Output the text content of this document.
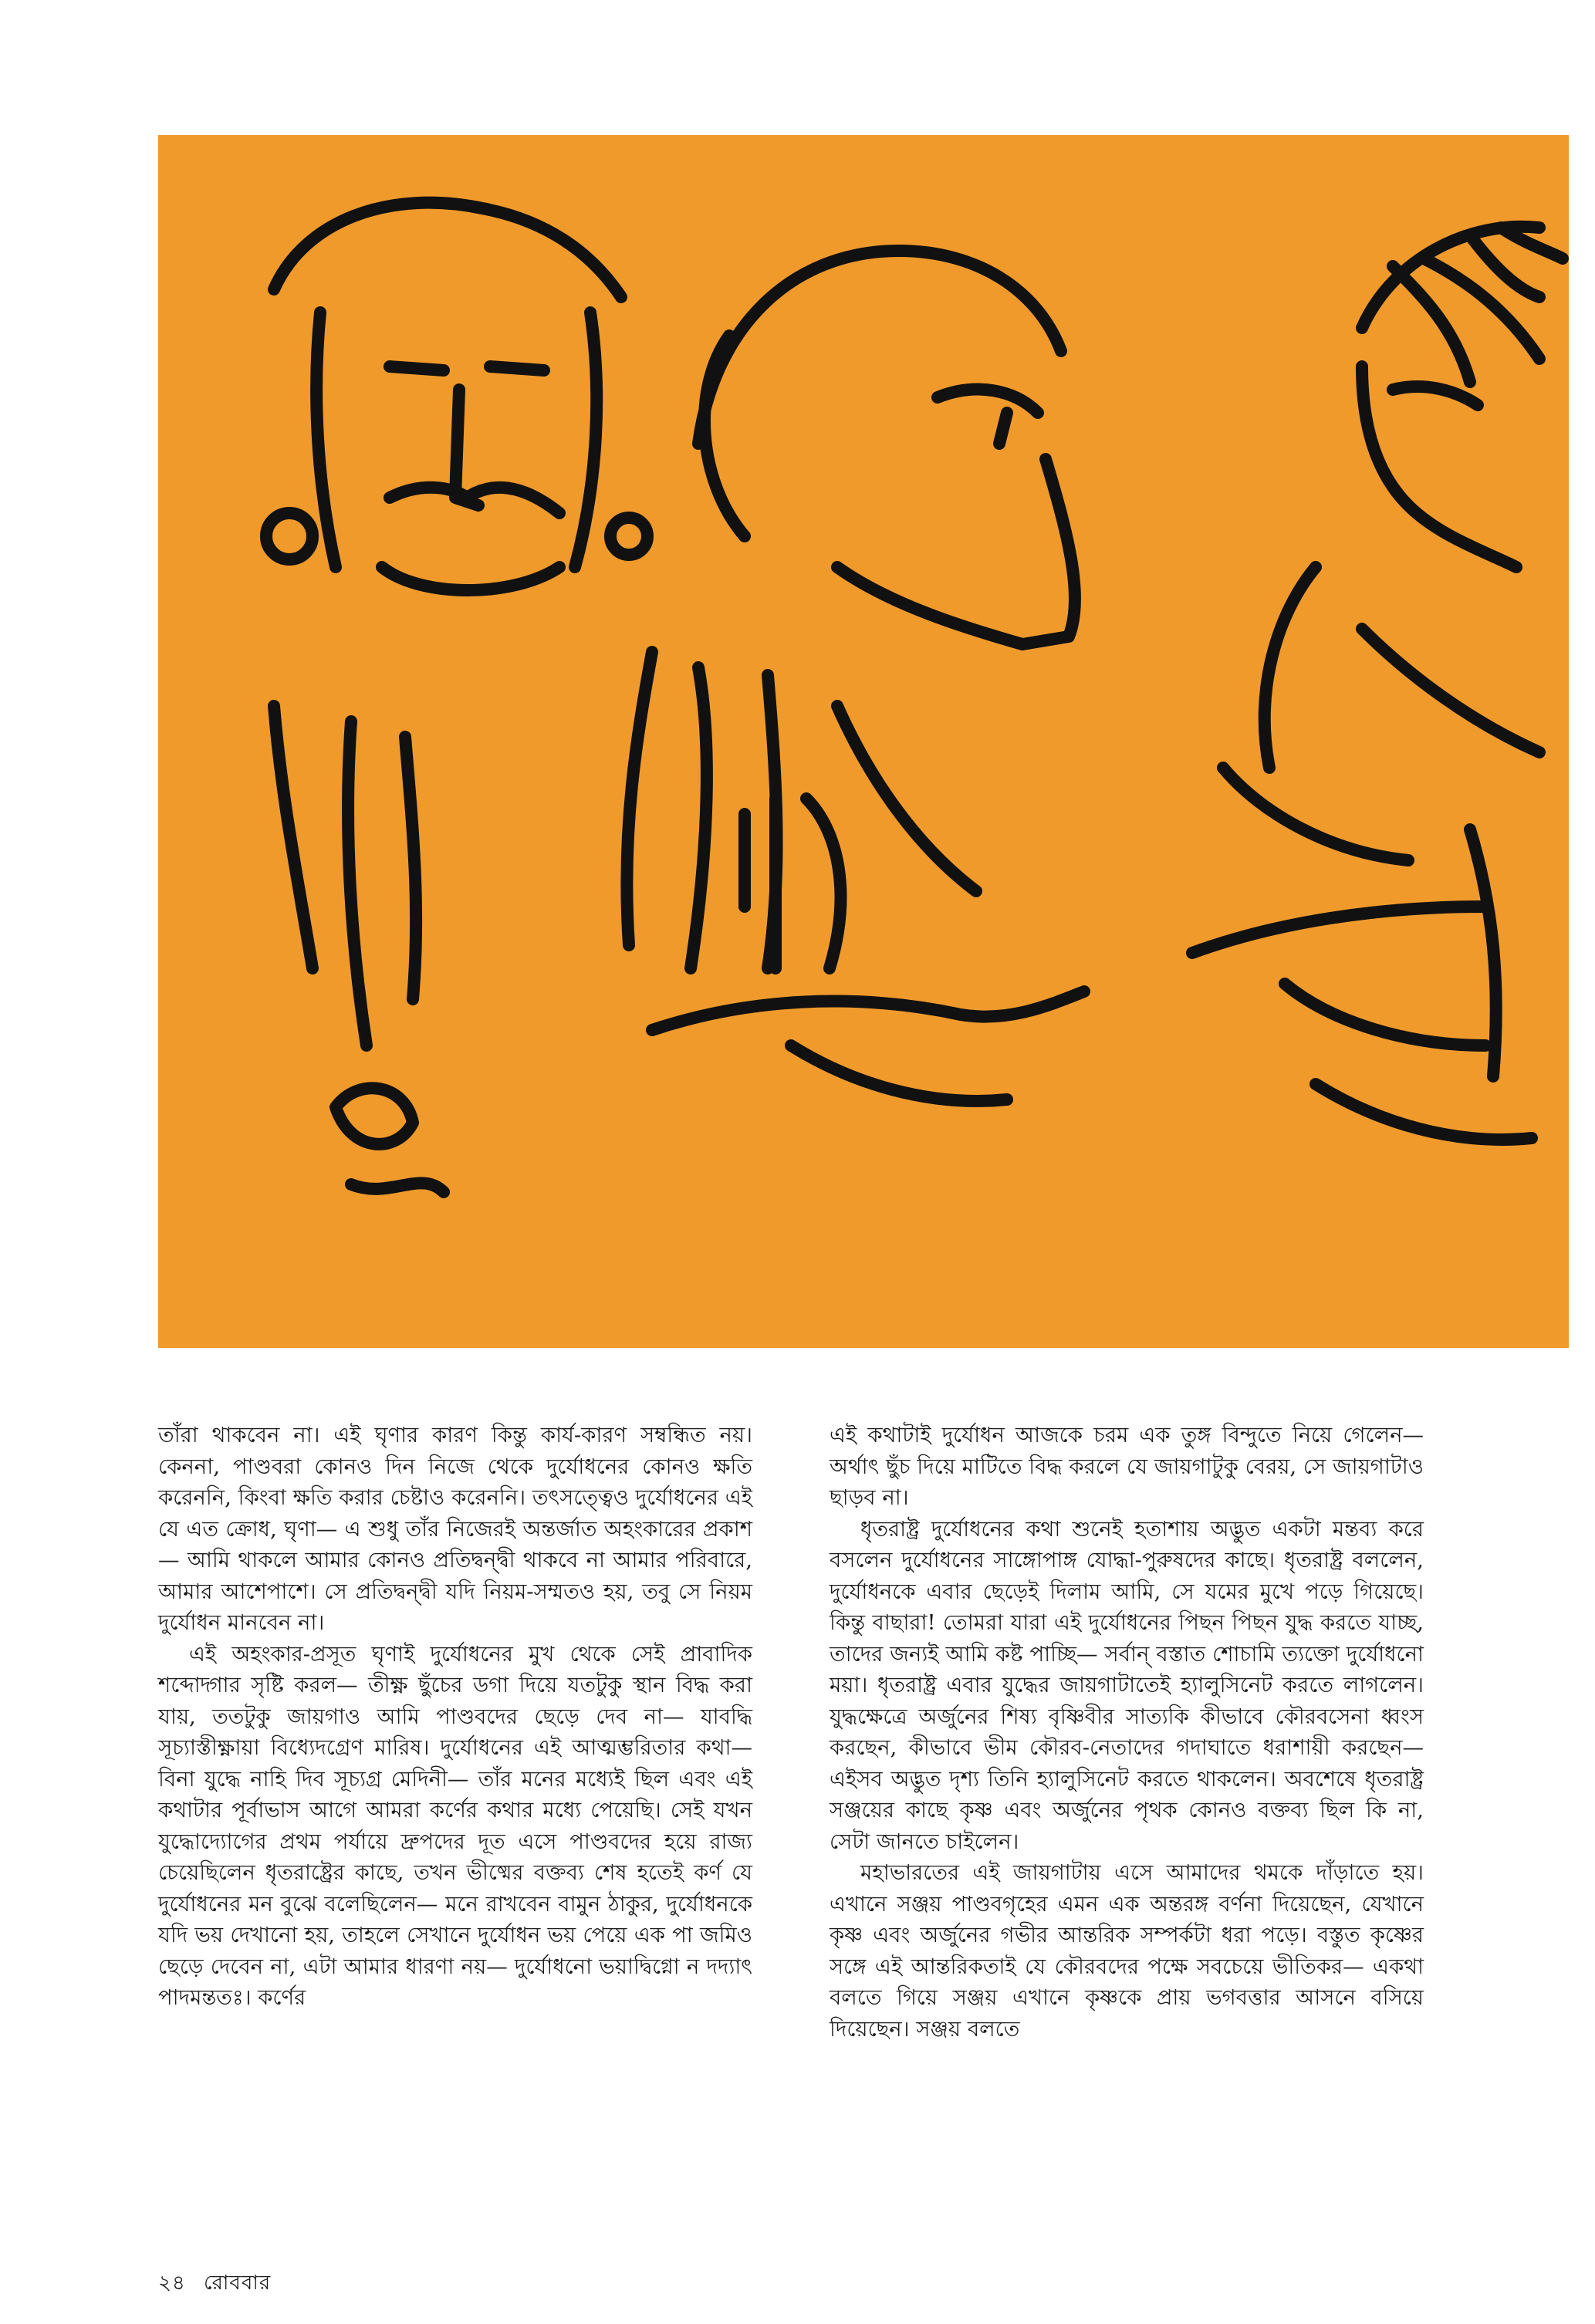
তাঁরা থাকবেন না। এই ঘৃণার কারণ কিন্তু কার্য-কারণ সম্বন্ধিত নয়। কেননা, পাণ্ডবরা কোনও দিন নিজে থেকে দুর্যোধনের কোনও ক্ষতি করেননি, কিংবা ক্ষতি করার চেষ্টাও করেননি। তৎসত্ত্বেও দুর্যোধনের এই যে এত ক্রোধ, ঘৃণা— এ শুধু তাঁর নিজেরই অন্তর্জাত অহংকারের প্রকাশ— আমি থাকলে আমার কোনও প্রতিদ্বন্দ্বী থাকবে না আমার পরিবারে, আমার আশেপাশে। সে প্রতিদ্বন্দ্বী যদি নিয়ম-সম্মতও হয়, তবু সে নিয়ম দুর্যোধন মানবেন না।

এই অহংকার-প্রসূত ঘৃণাই দুর্যোধনের মুখ থেকে সেই প্রাবাদিক শব্দোদ্গার সৃষ্টি করল— তীক্ষ্ণ ছুঁচের ডগা দিয়ে যতটুকু স্থান বিদ্ধ করা যায়, ততটুকু জায়গাও আমি পাণ্ডবদের ছেড়ে দেব না— যাবদ্ধি সূচ্যাস্তীক্ষ্ণায়া বিধ্যেদগ্রেণ মারিষ। দুর্যোধনের এই আত্মম্ভরিতার কথা— বিনা যুদ্ধে নাহি দিব সূচ্যগ্র মেদিনী— তাঁর মনের মধ্যেই ছিল এবং এই কথাটার পূর্বাভাস আগে আমরা কর্ণের কথার মধ্যে পেয়েছি। সেই যখন যুদ্ধোদ্যোগের প্রথম পর্যায়ে দ্রুপদের দূত এসে পাণ্ডবদের হয়ে রাজ্য চেয়েছিলেন ধৃতরাষ্ট্রের কাছে, তখন ভীষ্মের বক্তব্য শেষ হতেই কর্ণ যে দুর্যোধনের মন বুঝে বলেছিলেন— মনে রাখবেন বামুন ঠাকুর, দুর্যোধনকে যদি ভয় দেখানো হয়, তাহলে সেখানে দুর্যোধন ভয় পেয়ে এক পা জমিও ছেড়ে দেবেন না, এটা আমার ধারণা নয়— দুর্যোধনো ভয়াদ্বিগ্নো ন দদ্যাৎ পাদমন্ততঃ। কর্ণের

এই কথাটাই দুর্যোধন আজকে চরম এক তুঙ্গ বিন্দুতে নিয়ে গেলেন— অর্থাৎ ছুঁচ দিয়ে মাটিতে বিদ্ধ করলে যে জায়গাটুকু বেরয়, সে জায়গাটাও ছাড়ব না।

ধৃতরাষ্ট্র দুর্যোধনের কথা শুনেই হতাশায় অদ্ভুত একটা মন্তব্য করে বসলেন দুর্যোধনের সাঙ্গোপাঙ্গ যোদ্ধা-পুরুষদের কাছে। ধৃতরাষ্ট্র বললেন, দুর্যোধনকে এবার ছেড়েই দিলাম আমি, সে যমের মুখে পড়ে গিয়েছে। কিন্তু বাছারা! তোমরা যারা এই দুর্যোধনের পিছন পিছন যুদ্ধ করতে যাচ্ছ, তাদের জন্যই আমি কষ্ট পাচ্ছি— সর্বান্ বস্তাত শোচামি ত্যক্তো দুর্যোধনো ময়া। ধৃতরাষ্ট্র এবার যুদ্ধের জায়গাটাতেই হ্যালুসিনেট করতে লাগলেন। যুদ্ধক্ষেত্রে অর্জুনের শিষ্য বৃষ্ণিবীর সাত্যকি কীভাবে কৌরবসেনা ধ্বংস করছেন, কীভাবে ভীম কৌরব-নেতাদের গদাঘাতে ধরাশায়ী করছেন— এইসব অদ্ভুত দৃশ্য তিনি হ্যালুসিনেট করতে থাকলেন। অবশেষে ধৃতরাষ্ট্র সঞ্জয়ের কাছে কৃষ্ণ এবং অর্জুনের পৃথক কোনও বক্তব্য ছিল কি না, সেটা জানতে চাইলেন।

মহাভারতের এই জায়গাটায় এসে আমাদের থমকে দাঁড়াতে হয়। এখানে সঞ্জয় পাণ্ডবগৃহের এমন এক অন্তরঙ্গ বর্ণনা দিয়েছেন, যেখানে কৃষ্ণ এবং অর্জুনের গভীর আন্তরিক সম্পর্কটা ধরা পড়ে। বস্তুত কৃষ্ণের সঙ্গে এই আন্তরিকতাই যে কৌরবদের পক্ষে সবচেয়ে ভীতিকর— একথা বলতে গিয়ে সঞ্জয় এখানে কৃষ্ণকে প্রায় ভগবত্তার আসনে বসিয়ে দিয়েছেন। সঞ্জয় বলতে

২৪ রোববার
